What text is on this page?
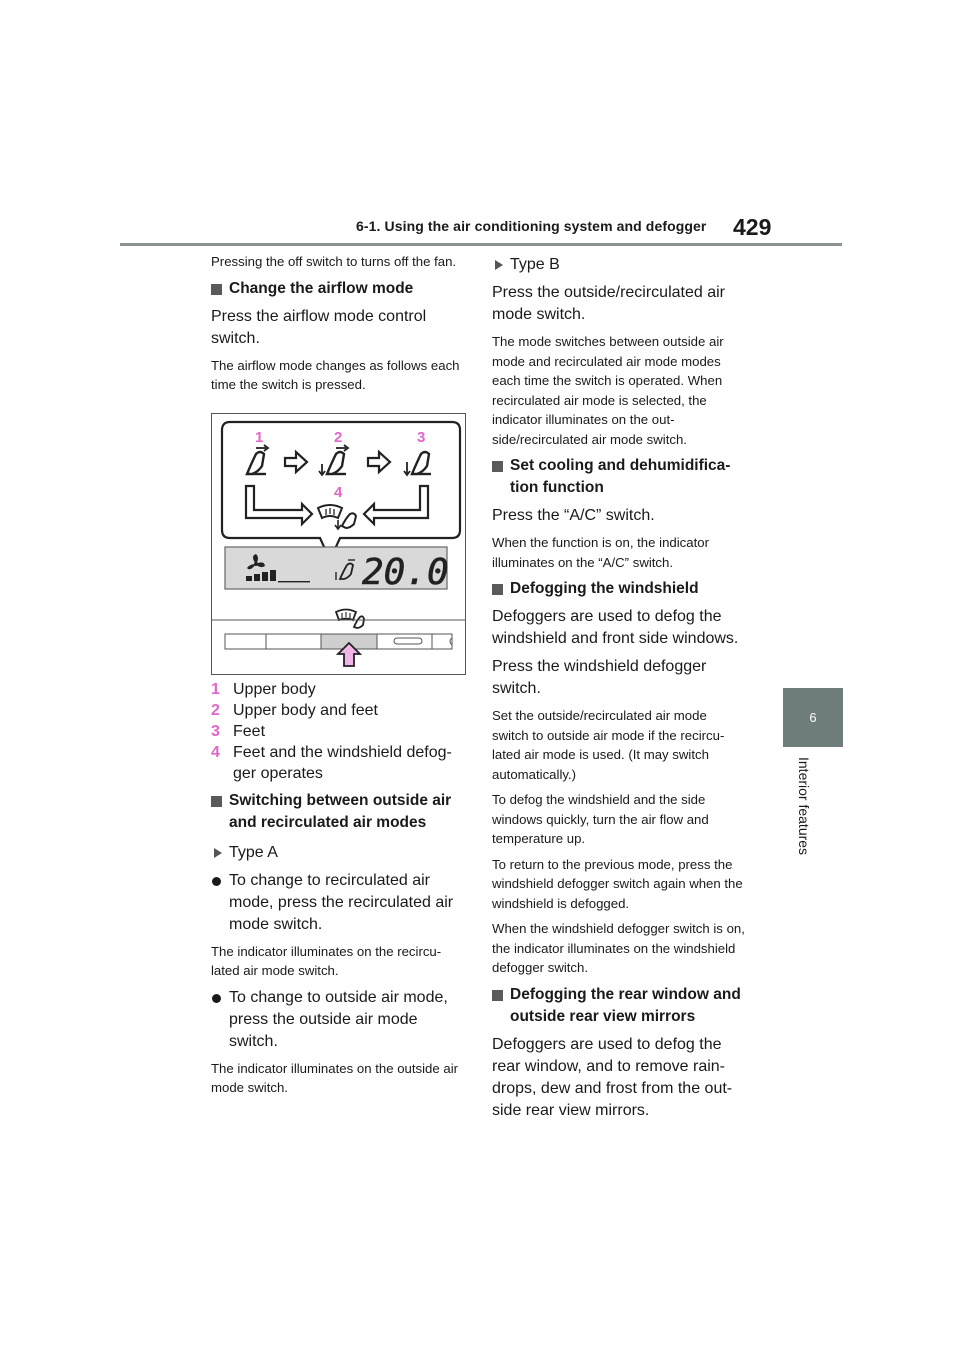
6-1. Using the air conditioning system and defogger 429
6
Interior features

Pressing the off switch to turns off the fan.

Change the airflow mode

Press the airflow mode control switch.

The airflow mode changes as follows each time the switch is pressed.

1	2	3
4
20.0
1 Upper body
2 Upper body and feet
3 Feet
4 Feet and the windshield defog-ger operates
Switching between outside air and recirculated air modes
Type A
To change to recirculated air mode, press the recirculated air mode switch.

The indicator illuminates on the recircu-lated air mode switch.

To change to outside air mode, press the outside air mode switch.

The indicator illuminates on the outside air mode switch.

Type B

Press the outside/recirculated air mode switch.

The mode switches between outside air mode and recirculated air mode modes each time the switch is operated. When recirculated air mode is selected, the indicator illuminates on the out-side/recirculated air mode switch.

Set cooling and dehumidifica-tion function

Press the “A/C” switch.

When the function is on, the indicator illuminates on the “A/C” switch.

Defogging the windshield

Defoggers are used to defog the windshield and front side windows.

Press the windshield defogger switch.

Set the outside/recirculated air mode switch to outside air mode if the recircu-lated air mode is used. (It may switch automatically.)

To defog the windshield and the side windows quickly, turn the air flow and temperature up.

To return to the previous mode, press the windshield defogger switch again when the windshield is defogged.

When the windshield defogger switch is on, the indicator illuminates on the windshield defogger switch.

Defogging the rear window and outside rear view mirrors

Defoggers are used to defog the rear window, and to remove rain-drops, dew and frost from the out-side rear view mirrors.
